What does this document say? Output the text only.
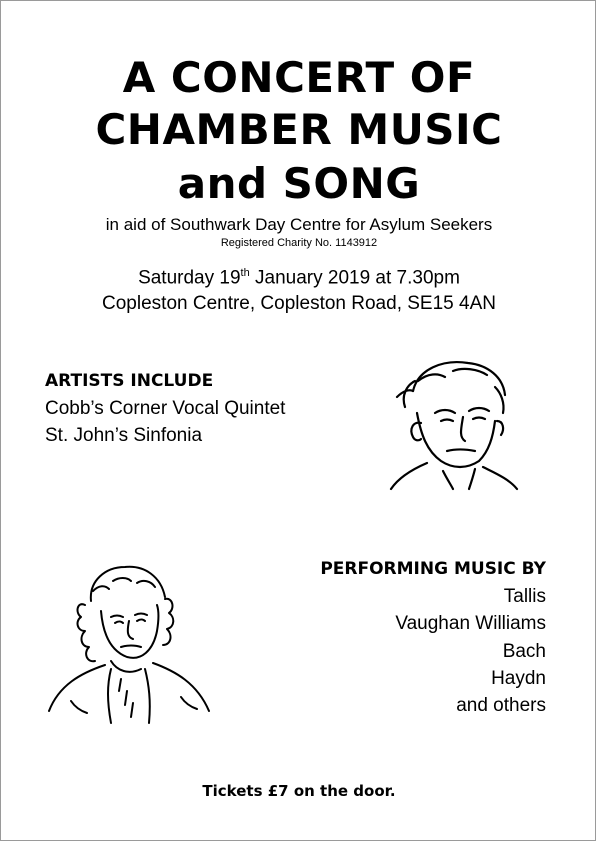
A CONCERT OF
CHAMBER MUSIC
and SONG
in aid of Southwark Day Centre for Asylum Seekers
Registered Charity No. 1143912
Saturday 19th January 2019 at 7.30pm
Copleston Centre, Copleston Road, SE15 4AN
ARTISTS INCLUDE
Cobb’s Corner Vocal Quintet
St. John’s Sinfonia
PERFORMING MUSIC BY
Tallis
Vaughan Williams
Bach
Haydn
and others
Tickets £7 on the door.
